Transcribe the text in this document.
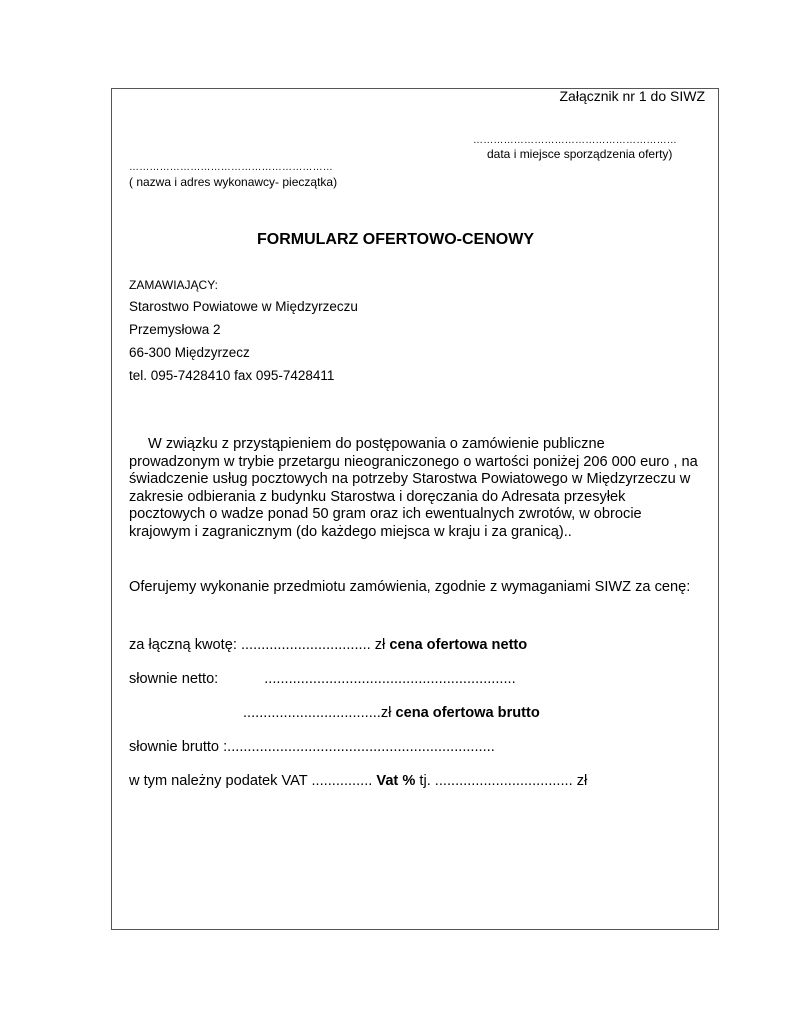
Załącznik nr 1 do SIWZ
……………………………………………………
data i miejsce sporządzenia oferty)
……………………………………………………
( nazwa i adres wykonawcy- pieczątka)
FORMULARZ OFERTOWO-CENOWY
ZAMAWIAJĄCY:
Starostwo Powiatowe w Międzyrzeczu
Przemysłowa 2
66-300 Międzyrzecz
tel. 095-7428410 fax 095-7428411
W związku z przystąpieniem do postępowania o zamówienie publiczne
prowadzonym w trybie przetargu nieograniczonego o wartości poniżej 206 000 euro , na
świadczenie usług pocztowych na potrzeby Starostwa Powiatowego w Międzyrzeczu w
zakresie odbierania z budynku Starostwa i doręczania do Adresata przesyłek
pocztowych o wadze ponad 50 gram oraz ich ewentualnych zwrotów, w obrocie
krajowym i zagranicznym (do każdego miejsca w kraju i za granicą)..
Oferujemy wykonanie przedmiotu zamówienia, zgodnie z wymaganiami SIWZ za cenę:
za łączną kwotę: ................................ zł cena ofertowa netto
słownie netto:	..............................................................
..................................zł cena ofertowa brutto
słownie brutto :..................................................................
w tym należny podatek VAT ............... Vat % tj. .................................. zł
